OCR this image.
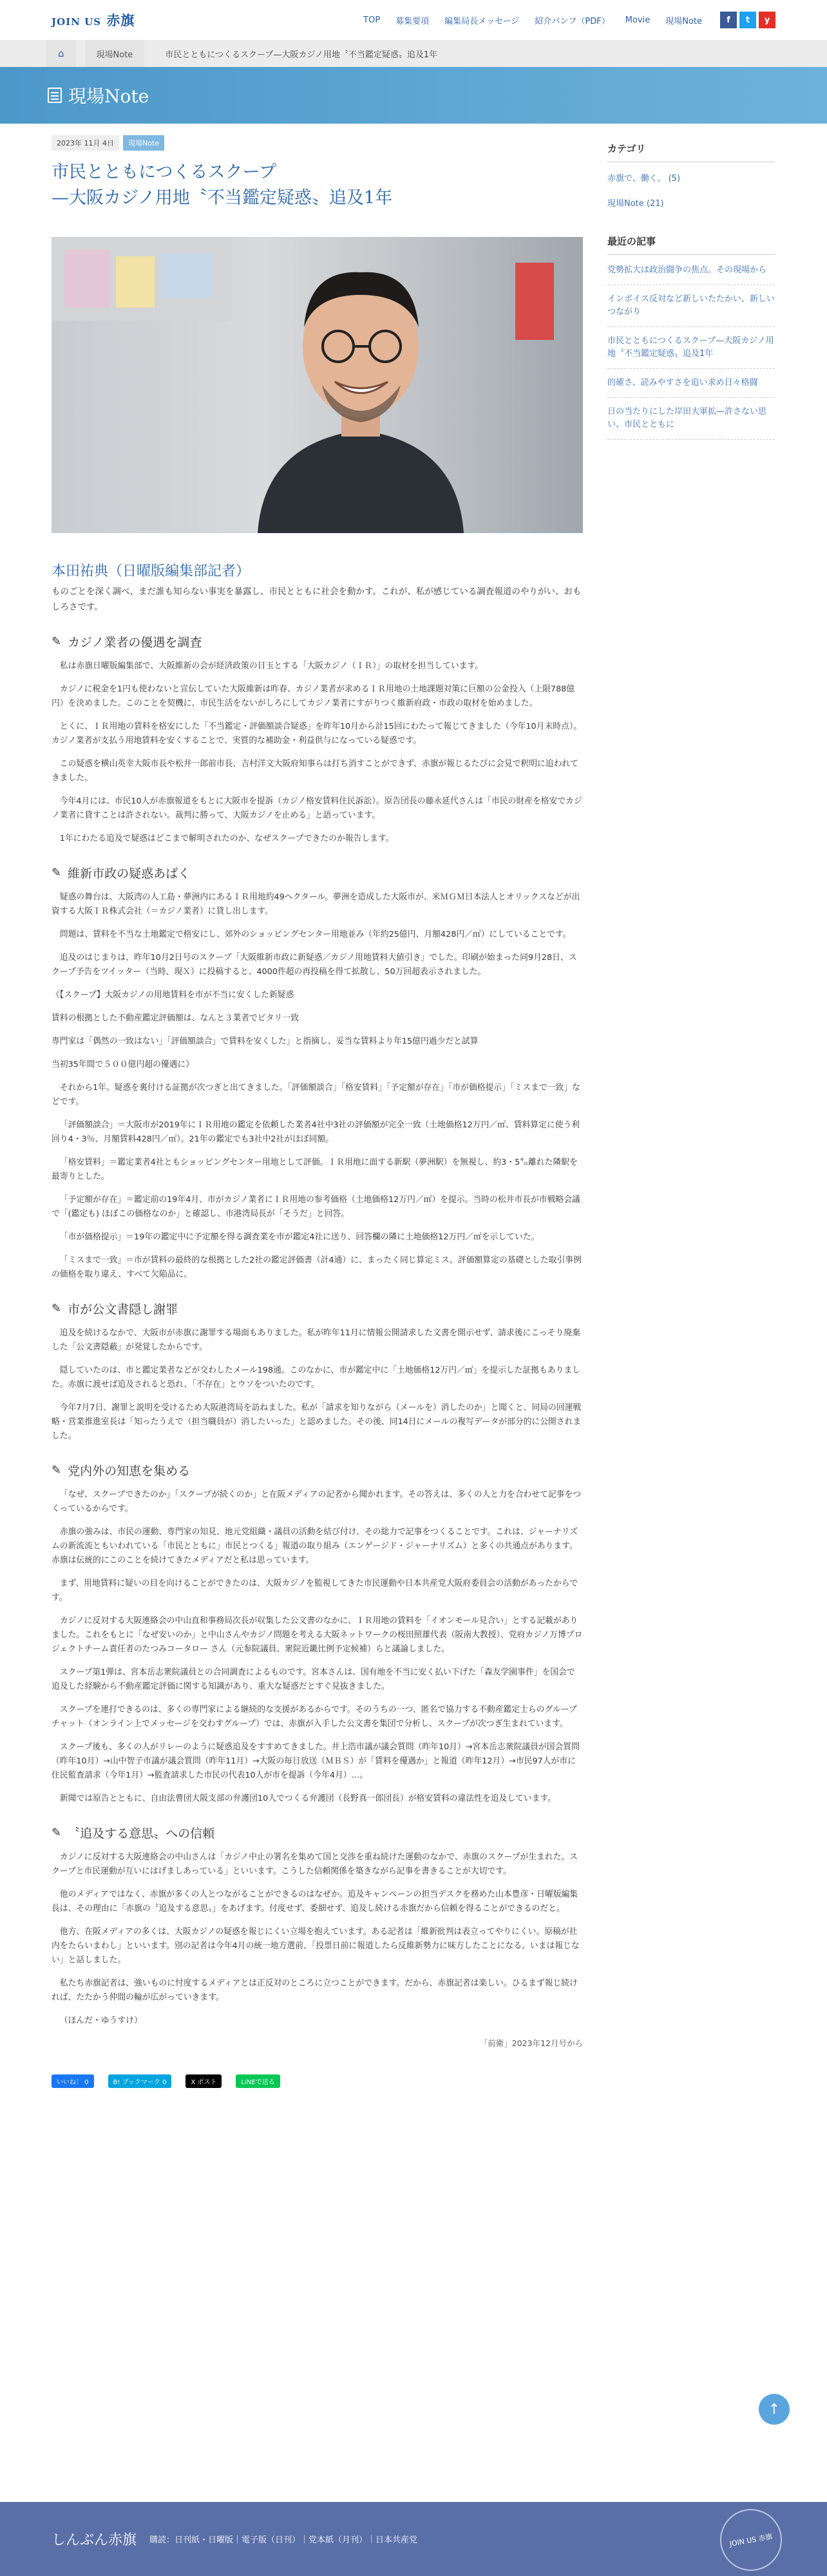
JOIN US 赤旗	TOP 募集要項 編集局長メッセージ 紹介パンフ（PDF） Movie 現場Note	f	t	y
⌂	現場Note	市民とともにつくるスクープ—大阪カジノ用地〝不当鑑定疑惑〟追及1年
現場Note
2023年 11月 4日	現場Note
市民とともにつくるスクープ
—大阪カジノ用地〝不当鑑定疑惑〟追及1年
本田祐典（日曜版編集部記者）

ものごとを深く調べ、まだ誰も知らない事実を暴露し、市民とともに社会を動かす。これが、私が感じている調査報道のやりがい、おもしろさです。

✎ カジノ業者の優遇を調査

私は赤旗日曜版編集部で、大阪維新の会が経済政策の目玉とする「大阪カジノ（ＩＲ）」の取材を担当しています。

カジノに税金を1円も使わないと宣伝していた大阪維新は昨春、カジノ業者が求めるＩＲ用地の土地課題対策に巨額の公金投入（上限788億円）を決めました。このことを契機に、市民生活をないがしろにしてカジノ業者にすがりつく維新府政・市政の取材を始めました。

とくに、ＩＲ用地の賃料を格安にした「不当鑑定・評価額談合疑惑」を昨年10月から計15回にわたって報じてきました（今年10月末時点）。カジノ業者が支払う用地賃料を安くすることで、実質的な補助金・利益供与になっている疑惑です。

この疑惑を横山英幸大阪市長や松井一郎前市長、吉村洋文大阪府知事らは打ち消すことができず、赤旗が報じるたびに会見で釈明に追われてきました。

今年4月には、市民10人が赤旗報道をもとに大阪市を提訴（カジノ格安賃料住民訴訟）。原告団長の藤永延代さんは「市民の財産を格安でカジノ業者に貸すことは許されない。裁判に勝って、大阪カジノを止める」と語っています。

1年にわたる追及で疑惑はどこまで解明されたのか、なぜスクープできたのか報告します。

✎ 維新市政の疑惑あばく

疑惑の舞台は、大阪湾の人工島・夢洲内にあるＩＲ用地約49ヘクタール。夢洲を造成した大阪市が、米ＭＧＭ日本法人とオリックスなどが出資する大阪ＩＲ株式会社（＝カジノ業者）に貸し出します。

問題は、賃料を不当な土地鑑定で格安にし、郊外のショッピングセンター用地並み（年約25億円、月額428円／㎡）にしていることです。

追及のはじまりは、昨年10月2日号のスクープ「大阪維新市政に新疑惑／カジノ用地賃料大値引き」でした。印刷が始まった同9月28日、スクープ予告をツイッター（当時、現Ｘ）に投稿すると、4000件超の再投稿を得て拡散し、50万回超表示されました。

《【スクープ】大阪カジノの用地賃料を市が不当に安くした新疑惑

賃料の根拠とした不動産鑑定評価額は、なんと３業者でピタリ一致

専門家は「偶然の一致はない」「評価額談合」で賃料を安くした」と指摘し、妥当な賃料より年15億円過少だと試算

当初35年間で５００億円超の優遇に》

それから1年。疑惑を裏付ける証拠が次つぎと出てきました。「評価額談合」「格安賃料」「予定額が存在」「市が価格提示」「ミスまで一致」などです。

「評価額談合」＝大阪市が2019年にＩＲ用地の鑑定を依頼した業者4社中3社の評価額が完全一致（土地価格12万円／㎡、賃料算定に使う利回り4・3％、月額賃料428円／㎡）。21年の鑑定でも3社中2社がほぼ同額。

「格安賃料」＝鑑定業者4社ともショッピングセンター用地として評価。ＩＲ用地に面する新駅（夢洲駅）を無視し、約3・5㌔離れた隣駅を最寄りとした。

「予定額が存在」＝鑑定前の19年4月、市がカジノ業者にＩＲ用地の参考価格（土地価格12万円／㎡）を提示。当時の松井市長が市戦略会議で「(鑑定も) ほぼこの価格なのか」と確認し、市港湾局長が「そうだ」と回答。

「市が価格提示」＝19年の鑑定中に予定額を得る調査業を市が鑑定4社に送り、回答欄の隣に土地価格12万円／㎡を示していた。

「ミスまで一致」＝市が賃料の最終的な根拠とした2社の鑑定評価書（計4通）に、まったく同じ算定ミス。評価額算定の基礎とした取引事例の価格を取り違え、すべて欠陥品に。

✎ 市が公文書隠し謝罪

追及を続けるなかで、大阪市が赤旗に謝罪する場面もありました。私が昨年11月に情報公開請求した文書を開示せず、請求後にこっそり廃棄した「公文書隠蔽」が発覚したからです。

隠していたのは、市と鑑定業者などが交わしたメール198通。このなかに、市が鑑定中に「土地価格12万円／㎡」を提示した証拠もありました。赤旗に渡せば追及されると恐れ、「不存在」とウソをついたのです。

今年7月7日、謝罪と説明を受けるため大阪港湾局を訪ねました。私が「請求を知りながら（メールを）消したのか」と聞くと、同局の回運戦略・営業推進室長は「知ったうえで（担当職員が）消したいった」と認めました。その後、同14日にメールの複写データが部分的に公開されました。

✎ 党内外の知恵を集める

「なぜ、スクープできたのか」「スクープが続くのか」と在阪メディアの記者から聞かれます。その答えは、多くの人と力を合わせて記事をつくっているからです。

赤旗の強みは、市民の運動、専門家の知見、地元党組織・議員の活動を結び付け、その総力で記事をつくることです。これは、ジャーナリズムの新流流ともいわれている「市民とともに」市民とつくる」報道の取り組み（エンゲージド・ジャーナリズム）と多くの共通点があります。赤旗は伝統的にこのことを続けてきたメディアだと私は思っています。

まず、用地賃料に疑いの目を向けることができたのは、大阪カジノを監視してきた市民運動や日本共産党大阪府委員会の活動があったからです。

カジノに反対する大阪連絡会の中山直和事務局次長が収集した公文書のなかに、ＩＲ用地の賃料を「イオンモール見合い」とする記載がありました。これをもとに「なぜ安いのか」と中山さんやカジノ問題を考える大阪ネットワークの桜田照雄代表（阪南大教授）、党府カジノ万博プロジェクトチーム責任者のたつみコータロー さん（元参院議員、衆院近畿比例予定候補）らと議論しました。

スクープ第1弾は、宮本岳志衆院議員との合同調査によるものです。宮本さんは、国有地を不当に安く払い下げた「森友学園事件」を国会で追及した経験から不動産鑑定評価に関する知識があり、重大な疑惑だとすぐ見抜きました。

スクープを連打できるのは、多くの専門家による継続的な支援があるからです。そのうちの一つ、匿名で協力する不動産鑑定士らのグループチャット（オンライン上でメッセージを交わすグループ）では、赤旗が入手した公文書を集団で分析し、スクープが次つぎ生まれています。

スクープ後も、多くの人がリレーのように疑惑追及をすすめてきました。井上浩市議が議会質問（昨年10月）→宮本岳志衆院議員が国会質問（昨年10月）→山中智子市議が議会質問（昨年11月）→大阪の毎日放送（ＭＢＳ）が「賃料を優遇か」と報道（昨年12月）→市民97人が市に住民監査請求（今年1月）→監査請求した市民の代表10人が市を提訴（今年4月）…。

新聞では原告とともに、自由法曹団大阪支部の弁護団10人でつくる弁護団（長野真一郎団長）が格安賃料の違法性を追及しています。

✎ 〝追及する意思〟への信頼

カジノに反対する大阪連絡会の中山さんは「カジノ中止の署名を集めて国と交渉を重ね続けた運動のなかで、赤旗のスクープが生まれた。スクープと市民運動が互いにはげましあっている」といいます。こうした信頼関係を築きながら記事を書きることが大切です。

他のメディアではなく、赤旗が多くの人とつながることができるのはなぜか。追及キャンペーンの担当デスクを務めた山本豊彦・日曜版編集長は、その理由に「赤旗の〝追及する意思〟」をあげます。付度せず、委細せず、追及し続ける赤旗だから信頼を得ることができるのだと。

他方、在阪メディアの多くは、大阪カジノの疑惑を報じにくい立場を抱えています。ある記者は「維新批判は表立ってやりにくい。原稿が社内をたらいまわし」といいます。別の記者は今年4月の統一地方選前、「投票日前に報道したら反維新勢力に味方したことになる。いまは報じない」と話しました。

私たち赤旗記者は、強いものに忖度するメディアとは正反対のところに立つことができます。だから、赤旗記者は楽しい。ひるまず報じ続ければ、たたかう仲間の輪が広がっていきます。

（ほんだ・ゆうすけ）

「前衛」2023年12月号から
いいね！ 0	B! ブックマーク 0	X ポスト	LINEで送る
カテゴリ
赤旗で、働く。 (5)
現場Note (21)
最近の記事
党勢拡大は政治闘争の焦点。その現場から
インボイス反対など新しいたたかい、新しいつながり
市民とともにつくるスクープ—大阪カジノ用地〝不当鑑定疑惑〟追及1年
的確さ、読みやすさを追い求め日々格闘
日の当たりにした岸田大軍拡—許さない思い、市民とともに
↑
しんぶん赤旗 購読：日刊紙・日曜版｜電子版（日刊）｜党本紙（月刊）｜日本共産党	JOIN US 赤旗
